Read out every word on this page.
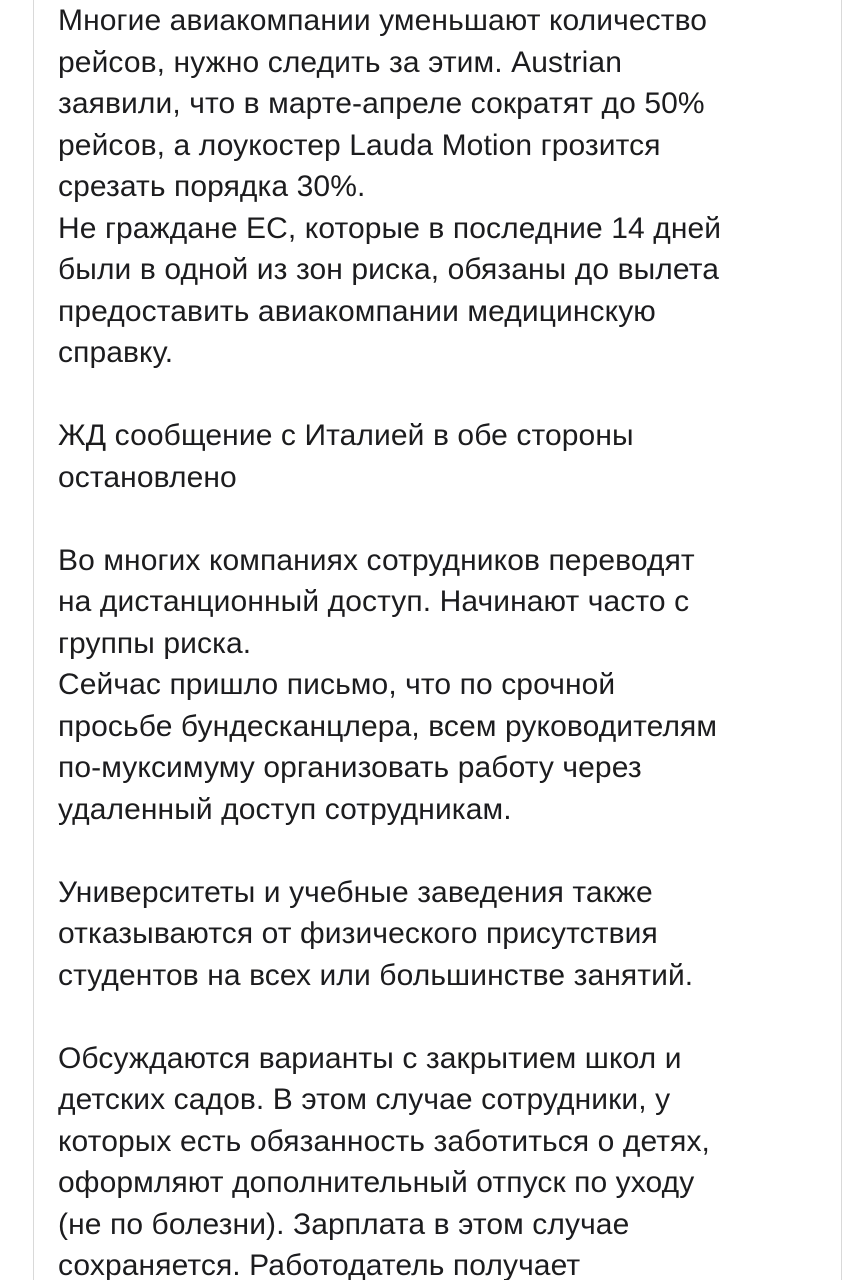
Многие авиакомпании уменьшают количество
рейсов, нужно следить за этим. Austrian
заявили, что в марте-апреле сократят до 50%
рейсов, а лоукостер Lauda Motion грозится
срезать порядка 30%.
Не граждане ЕС, которые в последние 14 дней
были в одной из зон риска, обязаны до вылета
предоставить авиакомпании медицинскую
справку.
ЖД сообщение с Италией в обе стороны
остановлено
Во многих компаниях сотрудников переводят
на дистанционный доступ. Начинают часто с
группы риска.
Сейчас пришло письмо, что по срочной
просьбе бундесканцлера, всем руководителям
по-муксимуму организовать работу через
удаленный доступ сотрудникам.
Университеты и учебные заведения также
отказываются от физического присутствия
студентов на всех или большинстве занятий.
Обсуждаются варианты с закрытием школ и
детских садов. В этом случае сотрудники, у
которых есть обязанность заботиться о детях,
оформляют дополнительный отпуск по уходу
(не по болезни). Зарплата в этом случае
сохраняется. Работодатель получает
